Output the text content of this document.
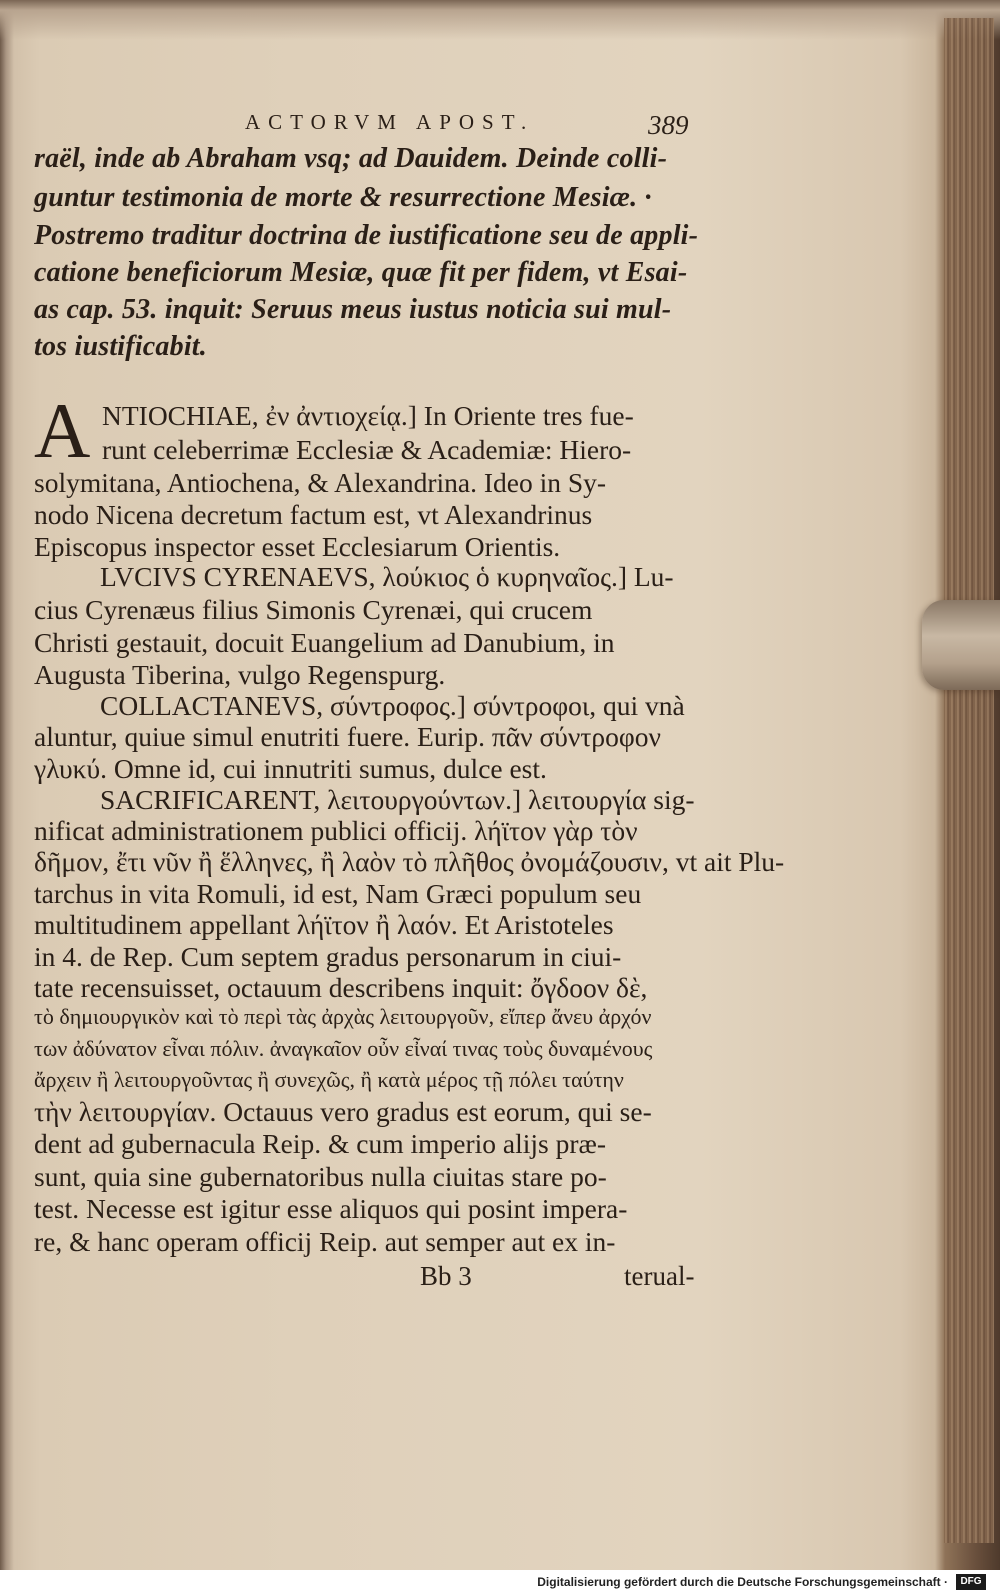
ACTORVM APOST.	389
raël, inde ab Abraham vsq; ad Dauidem. Deinde colli-
guntur testimonia de morte & resurrectione Mesiæ. ·
Postremo traditur doctrina de iustificatione seu de appli-
catione beneficiorum Mesiæ, quæ fit per fidem, vt Esai-
as cap. 53. inquit: Seruus meus iustus noticia sui mul-
tos iustificabit.
A NTIOCHIAE, ἐν ἀντιοχείᾳ.] In Oriente tres fue-
runt celeberrimæ Ecclesiæ & Academiæ: Hiero-
solymitana, Antiochena, & Alexandrina. Ideo in Sy-
nodo Nicena decretum factum est, vt Alexandrinus
Episcopus inspector esset Ecclesiarum Orientis.
LVCIVS CYRENAEVS, λούκιος ὁ κυρηναῖος.] Lu-
cius Cyrenæus filius Simonis Cyrenæi, qui crucem
Christi gestauit, docuit Euangelium ad Danubium, in
Augusta Tiberina, vulgo Regenspurg.
COLLACTANEVS, σύντροφος.] σύντροφοι, qui vnà
aluntur, quiue simul enutriti fuere. Eurip. πᾶν σύντροφον
γλυκύ. Omne id, cui innutriti sumus, dulce est.
SACRIFICARENT, λειτουργούντων.] λειτουργία sig-
nificat administrationem publici officij. λήϊτον γὰρ τὸν
δῆμον, ἔτι νῦν ἢ ἕλληνες, ἢ λαὸν τὸ πλῆθος ὀνομάζουσιν, vt ait Plu-
tarchus in vita Romuli, id est, Nam Græci populum seu
multitudinem appellant λήϊτον ἢ λαόν. Et Aristoteles
in 4. de Rep. Cum septem gradus personarum in ciui-
tate recensuisset, octauum describens inquit: ὄγδοον δὲ,
τὸ δημιουργικὸν καὶ τὸ περὶ τὰς ἀρχὰς λειτουργοῦν, εἴπερ ἄνευ ἀρχόν
των ἀδύνατον εἶναι πόλιν. ἀναγκαῖον οὖν εἶναί τινας τοὺς δυναμένους
ἄρχειν ἢ λειτουργοῦντας ἢ συνεχῶς, ἢ κατὰ μέρος τῇ πόλει ταύτην
τὴν λειτουργίαν. Octauus vero gradus est eorum, qui se-
dent ad gubernacula Reip. & cum imperio alijs præ-
sunt, quia sine gubernatoribus nulla ciuitas stare po-
test. Necesse est igitur esse aliquos qui posint impera-
re, & hanc operam officij Reip. aut semper aut ex in-
Bb 3	terual-
Digitalisierung gefördert durch die Deutsche Forschungsgemeinschaft ·	DFG
